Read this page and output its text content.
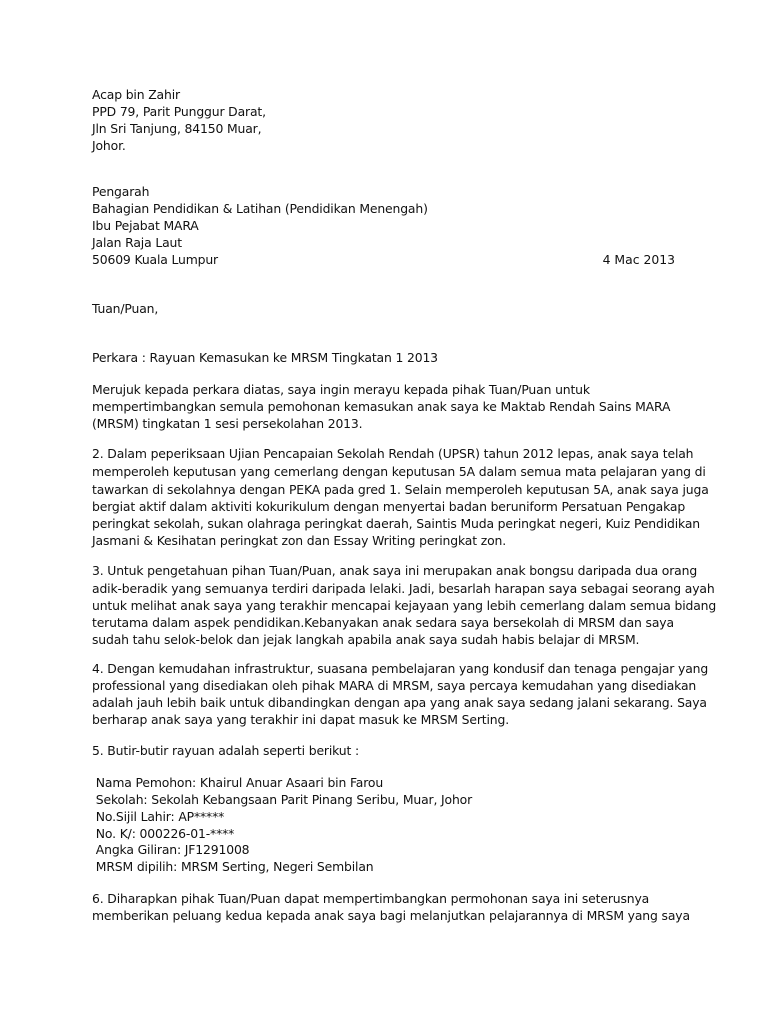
Acap bin Zahir
PPD 79, Parit Punggur Darat,
Jln Sri Tanjung, 84150 Muar,
Johor.
Pengarah
Bahagian Pendidikan & Latihan (Pendidikan Menengah)
Ibu Pejabat MARA
Jalan Raja Laut
50609 Kuala Lumpur	4 Mac 2013
Tuan/Puan,
Perkara : Rayuan Kemasukan ke MRSM Tingkatan 1 2013
Merujuk kepada perkara diatas, saya ingin merayu kepada pihak Tuan/Puan untuk
mempertimbangkan semula pemohonan kemasukan anak saya ke Maktab Rendah Sains MARA
(MRSM) tingkatan 1 sesi persekolahan 2013.
2. Dalam peperiksaan Ujian Pencapaian Sekolah Rendah (UPSR) tahun 2012 lepas, anak saya telah
memperoleh keputusan yang cemerlang dengan keputusan 5A dalam semua mata pelajaran yang di
tawarkan di sekolahnya dengan PEKA pada gred 1. Selain memperoleh keputusan 5A, anak saya juga
bergiat aktif dalam aktiviti kokurikulum dengan menyertai badan beruniform Persatuan Pengakap
peringkat sekolah, sukan olahraga peringkat daerah, Saintis Muda peringkat negeri, Kuiz Pendidikan
Jasmani & Kesihatan peringkat zon dan Essay Writing peringkat zon.
3. Untuk pengetahuan pihan Tuan/Puan, anak saya ini merupakan anak bongsu daripada dua orang
adik-beradik yang semuanya terdiri daripada lelaki. Jadi, besarlah harapan saya sebagai seorang ayah
untuk melihat anak saya yang terakhir mencapai kejayaan yang lebih cemerlang dalam semua bidang
terutama dalam aspek pendidikan.Kebanyakan anak sedara saya bersekolah di MRSM dan saya
sudah tahu selok-belok dan jejak langkah apabila anak saya sudah habis belajar di MRSM.
4. Dengan kemudahan infrastruktur, suasana pembelajaran yang kondusif dan tenaga pengajar yang
professional yang disediakan oleh pihak MARA di MRSM, saya percaya kemudahan yang disediakan
adalah jauh lebih baik untuk dibandingkan dengan apa yang anak saya sedang jalani sekarang. Saya
berharap anak saya yang terakhir ini dapat masuk ke MRSM Serting.
5. Butir-butir rayuan adalah seperti berikut :
Nama Pemohon: Khairul Anuar Asaari bin Farou
Sekolah: Sekolah Kebangsaan Parit Pinang Seribu, Muar, Johor
No.Sijil Lahir: AP*****
No. K/: 000226-01-****
Angka Giliran: JF1291008
MRSM dipilih: MRSM Serting, Negeri Sembilan
6. Diharapkan pihak Tuan/Puan dapat mempertimbangkan permohonan saya ini seterusnya
memberikan peluang kedua kepada anak saya bagi melanjutkan pelajarannya di MRSM yang saya
